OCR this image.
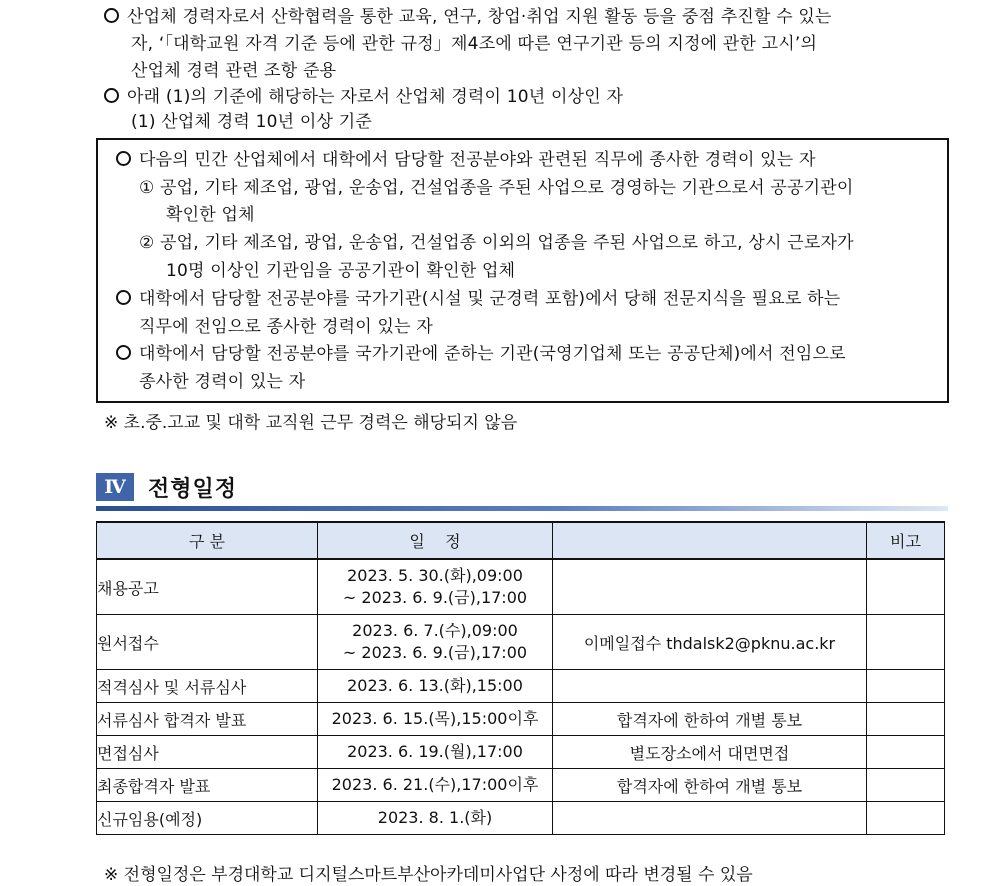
산업체 경력자로서 산학협력을 통한 교육, 연구, 창업·취업 지원 활동 등을 중점 추진할 수 있는
자, ‘「대학교원 자격 기준 등에 관한 규정」제4조에 따른 연구기관 등의 지정에 관한 고시’의
산업체 경력 관련 조항 준용
아래 (1)의 기준에 해당하는 자로서 산업체 경력이 10년 이상인 자
(1) 산업체 경력 10년 이상 기준
다음의 민간 산업체에서 대학에서 담당할 전공분야와 관련된 직무에 종사한 경력이 있는 자
① 공업, 기타 제조업, 광업, 운송업, 건설업종을 주된 사업으로 경영하는 기관으로서 공공기관이
확인한 업체
② 공업, 기타 제조업, 광업, 운송업, 건설업종 이외의 업종을 주된 사업으로 하고, 상시 근로자가
10명 이상인 기관임을 공공기관이 확인한 업체
대학에서 담당할 전공분야를 국가기관(시설 및 군경력 포함)에서 당해 전문지식을 필요로 하는
직무에 전임으로 종사한 경력이 있는 자
대학에서 담당할 전공분야를 국가기관에 준하는 기관(국영기업체 또는 공공단체)에서 전임으로
종사한 경력이 있는 자
※ 초.중.고교 및 대학 교직원 근무 경력은 해당되지 않음
Ⅳ	전형일정
구 분	일    정		비고
채용공고	2023. 5. 30.(화),09:00
~ 2023. 6. 9.(금),17:00		

원서접수	2023. 6. 7.(수),09:00
~ 2023. 6. 9.(금),17:00	이메일접수 thdalsk2@pknu.ac.kr	
적격심사 및 서류심사	2023. 6. 13.(화),15:00		
서류심사 합격자 발표	2023. 6. 15.(목),15:00이후	합격자에 한하여 개별 통보	
면접심사	2023. 6. 19.(월),17:00	별도장소에서 대면면접	
최종합격자 발표	2023. 6. 21.(수),17:00이후	합격자에 한하여 개별 통보	
신규임용(예정)	2023. 8. 1.(화)		
※ 전형일정은 부경대학교 디지털스마트부산아카데미사업단 사정에 따라 변경될 수 있음
